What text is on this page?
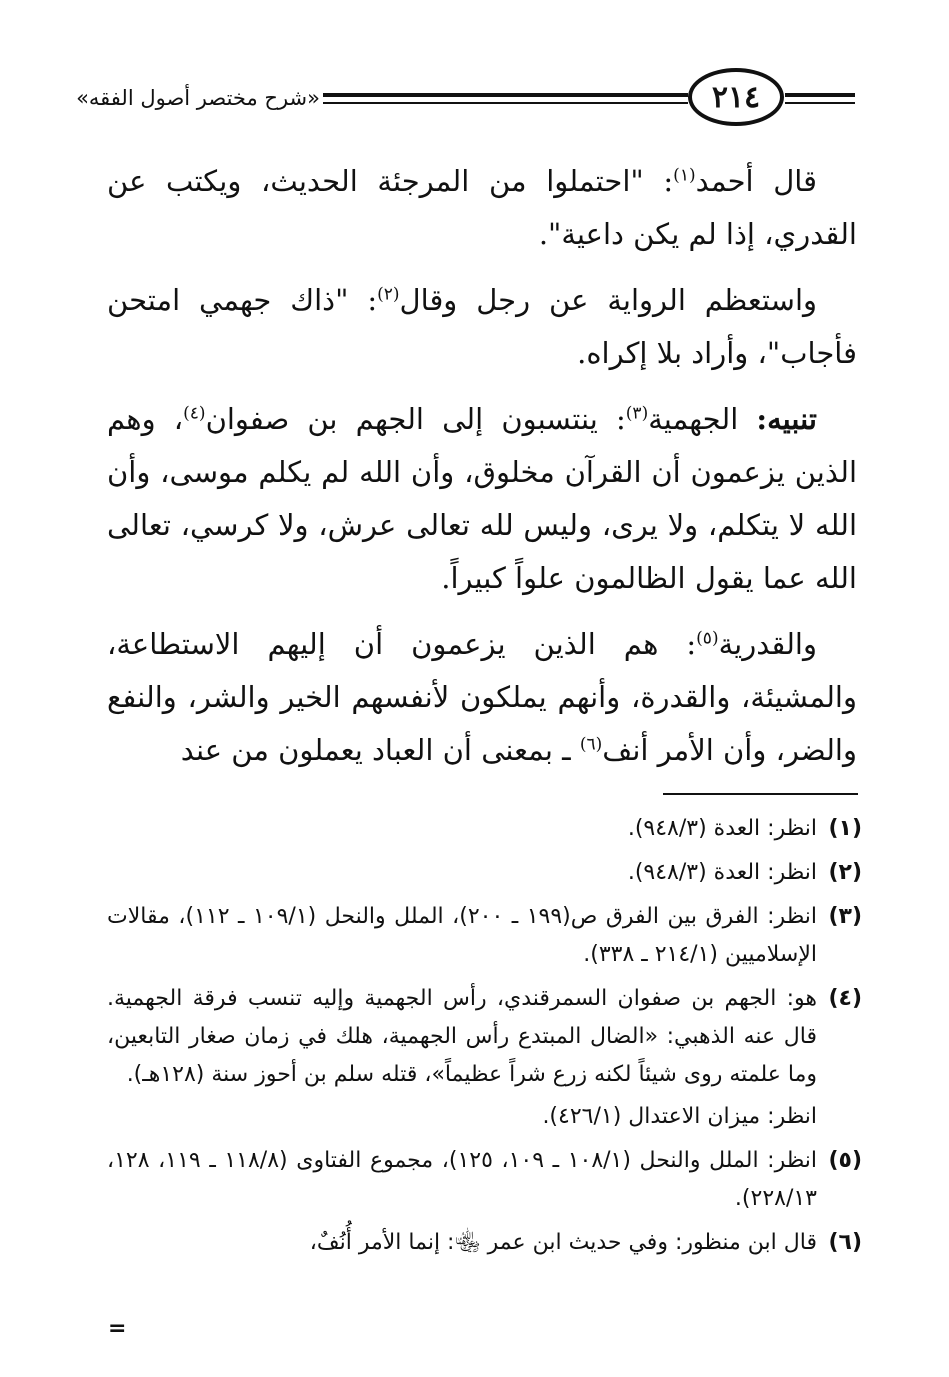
٢١٤
«شرح مختصر أصول الفقه»

قال أحمد$^{(١)}$: "احتملوا من المرجئة الحديث، ويكتب عن القدري، إذا لم يكن داعية".

واستعظم الرواية عن رجل وقال$^{(٢)}$: "ذاك جهمي امتحن فأجاب"، وأراد بلا إكراه.

تنبيه: الجهمية$^{(٣)}$: ينتسبون إلى الجهم بن صفوان$^{(٤)}$، وهم الذين يزعمون أن القرآن مخلوق، وأن الله لم يكلم موسى، وأن الله لا يتكلم، ولا يرى، وليس لله تعالى عرش، ولا كرسي، تعالى الله عما يقول الظالمون علواً كبيراً.

والقدرية$^{(٥)}$: هم الذين يزعمون أن إليهم الاستطاعة، والمشيئة، والقدرة، وأنهم يملكون لأنفسهم الخير والشر، والنفع والضر، وأن الأمر أنف$^{(٦)}$ ـ بمعنى أن العباد يعملون من عند

(١)
انظر: العدة (٩٤٨/٣).
(٢)
انظر: العدة (٩٤٨/٣).
(٣)
انظر: الفرق بين الفرق ص(١٩٩ ـ ٢٠٠)، الملل والنحل (١٠٩/١ ـ ١١٢)، مقالات الإسلاميين (٢١٤/١ ـ ٣٣٨).
(٤)
هو: الجهم بن صفوان السمرقندي، رأس الجهمية وإليه تنسب فرقة الجهمية. قال عنه الذهبي: «الضال المبتدع رأس الجهمية، هلك في زمان صغار التابعين، وما علمته روى شيئاً لكنه زرع شراً عظيماً»، قتله سلم بن أحوز سنة (١٢٨هـ).
انظر: ميزان الاعتدال (٤٢٦/١).
(٥)
انظر: الملل والنحل (١٠٨/١ ـ ١٠٩، ١٢٥)، مجموع الفتاوى (١١٨/٨ ـ ١١٩، ١٢٨، ٢٢٨/١٣).
(٦)
قال ابن منظور: وفي حديث ابن عمر ﵄: إنما الأمر أُنُفٌ،
=
